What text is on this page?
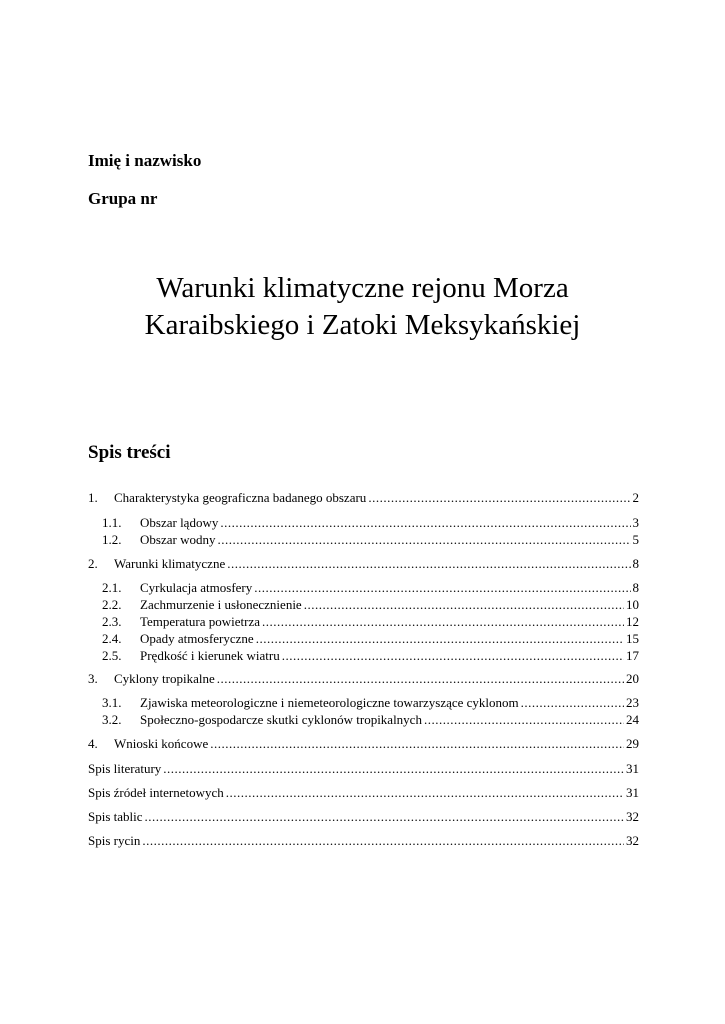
Imię i nazwisko
Grupa nr
Warunki klimatyczne rejonu Morza
Karaibskiego i Zatoki Meksykańskiej
Spis treści
1.	Charakterystyka geograficzna badanego obszaru .....	2
1.1.	Obszar lądowy .....	3
1.2.	Obszar wodny .....	5
2.	Warunki klimatyczne .....	8
2.1.	Cyrkulacja atmosfery .....	8
2.2.	Zachmurzenie i usłonecznienie .....	10
2.3.	Temperatura powietrza .....	12
2.4.	Opady atmosferyczne .....	15
2.5.	Prędkość i kierunek wiatru .....	17
3.	Cyklony tropikalne .....	20
3.1.	Zjawiska meteorologiczne i niemeteorologiczne towarzyszące cyklonom .....	23
3.2.	Społeczno-gospodarcze skutki cyklonów tropikalnych .....	24
4.	Wnioski końcowe .....	29
Spis literatury .....	31
Spis źródeł internetowych .....	31
Spis tablic .....	32
Spis rycin .....	32
